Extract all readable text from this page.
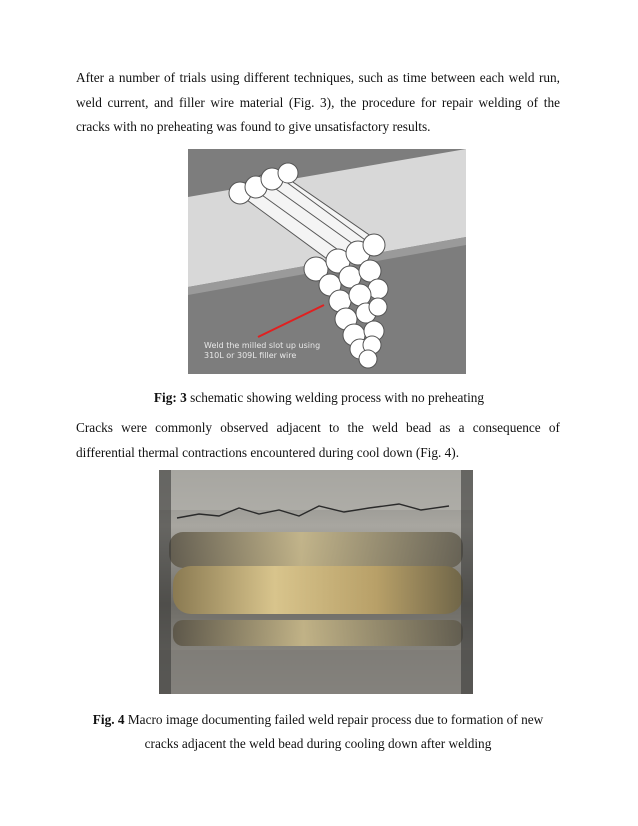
After a number of trials using different techniques, such as time between each weld run, weld current, and filler wire material (Fig. 3), the procedure for repair welding of the cracks with no preheating was found to give unsatisfactory results.

Weld the milled slot up using
310L or 309L filler wire

Fig: 3 schematic showing welding process with no preheating

Cracks were commonly observed adjacent to the weld bead as a consequence of differential thermal contractions encountered during cool down (Fig. 4).

Fig. 4 Macro image documenting failed weld repair process due to formation of new cracks adjacent the weld bead during cooling down after welding
